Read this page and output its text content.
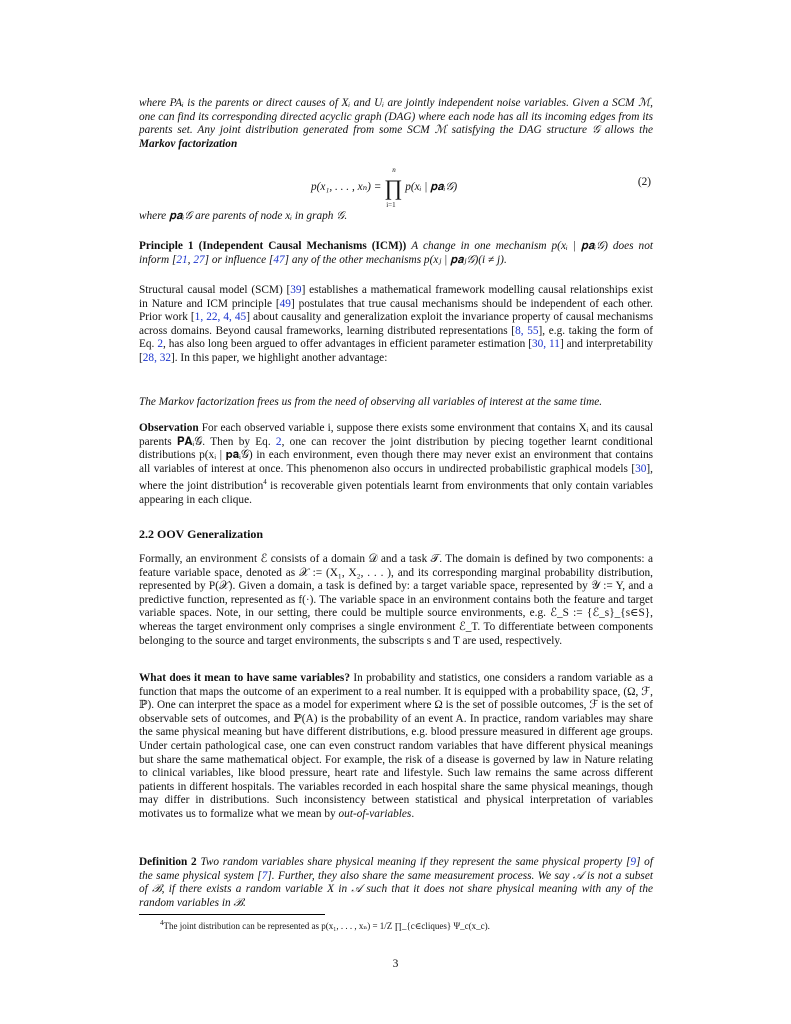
where PAᵢ is the parents or direct causes of Xᵢ and Uᵢ are jointly independent noise variables. Given a SCM ℳ, one can find its corresponding directed acyclic graph (DAG) where each node has all its incoming edges from its parents set. Any joint distribution generated from some SCM ℳ satisfying the DAG structure 𝒢 allows the Markov factorization
p(x₁, . . . , xₙ) = ∏
n
i=1
p(xᵢ | 𝐩𝐚ᵢ𝒢)	(2)
where 𝐩𝐚ᵢ𝒢 are parents of node xᵢ in graph 𝒢.
Principle 1 (Independent Causal Mechanisms (ICM)) A change in one mechanism p(xᵢ | 𝐩𝐚ᵢ𝒢) does not inform [21, 27] or influence [47] any of the other mechanisms p(xⱼ | 𝐩𝐚ⱼ𝒢)(i ≠ j).
Structural causal model (SCM) [39] establishes a mathematical framework modelling causal relationships exist in Nature and ICM principle [49] postulates that true causal mechanisms should be independent of each other. Prior work [1, 22, 4, 45] about causality and generalization exploit the invariance property of causal mechanisms across domains. Beyond causal frameworks, learning distributed representations [8, 55], e.g. taking the form of Eq. 2, has also long been argued to offer advantages in efficient parameter estimation [30, 11] and interpretability [28, 32]. In this paper, we highlight another advantage:
The Markov factorization frees us from the need of observing all variables of interest at the same time.
Observation For each observed variable i, suppose there exists some environment that contains Xᵢ and its causal parents 𝐏𝐀ᵢ𝒢. Then by Eq. 2, one can recover the joint distribution by piecing together learnt conditional distributions p(xᵢ | 𝐩𝐚ᵢ𝒢) in each environment, even though there may never exist an environment that contains all variables of interest at once. This phenomenon also occurs in undirected probabilistic graphical models [30], where the joint distribution$^4$ is recoverable given potentials learnt from environments that only contain variables appearing in each clique.
2.2 OOV Generalization
Formally, an environment ℰ consists of a domain 𝒟 and a task 𝒯. The domain is defined by two components: a feature variable space, denoted as 𝒳 := (X₁, X₂, . . . ), and its corresponding marginal probability distribution, represented by P(𝒳). Given a domain, a task is defined by: a target variable space, represented by 𝒴 := Y, and a predictive function, represented as f(·). The variable space in an environment contains both the feature and target variable spaces. Note, in our setting, there could be multiple source environments, e.g. ℰ_S := {ℰ_s}_{s∈S}, whereas the target environment only comprises a single environment ℰ_T. To differentiate between components belonging to the source and target environments, the subscripts s and T are used, respectively.
What does it mean to have same variables? In probability and statistics, one considers a random variable as a function that maps the outcome of an experiment to a real number. It is equipped with a probability space, (Ω, ℱ, ℙ). One can interpret the space as a model for experiment where Ω is the set of possible outcomes, ℱ is the set of observable sets of outcomes, and ℙ(A) is the probability of an event A. In practice, random variables may share the same physical meaning but have different distributions, e.g. blood pressure measured in different age groups. Under certain pathological case, one can even construct random variables that have different physical meanings but share the same mathematical object. For example, the risk of a disease is governed by law in Nature relating to clinical variables, like blood pressure, heart rate and lifestyle. Such law remains the same across different patients in different hospitals. The variables recorded in each hospital share the same physical meanings, though may differ in distributions. Such inconsistency between statistical and physical interpretation of variables motivates us to formalize what we mean by out-of-variables.
Definition 2 Two random variables share physical meaning if they represent the same physical property [9] of the same physical system [7]. Further, they also share the same measurement process. We say 𝒜 is not a subset of ℬ, if there exists a random variable X in 𝒜 such that it does not share physical meaning with any of the random variables in ℬ.
$^4$The joint distribution can be represented as p(x₁, . . . , xₙ) = 1/Z ∏_{c∈cliques} Ψ_c(x_c).
3
